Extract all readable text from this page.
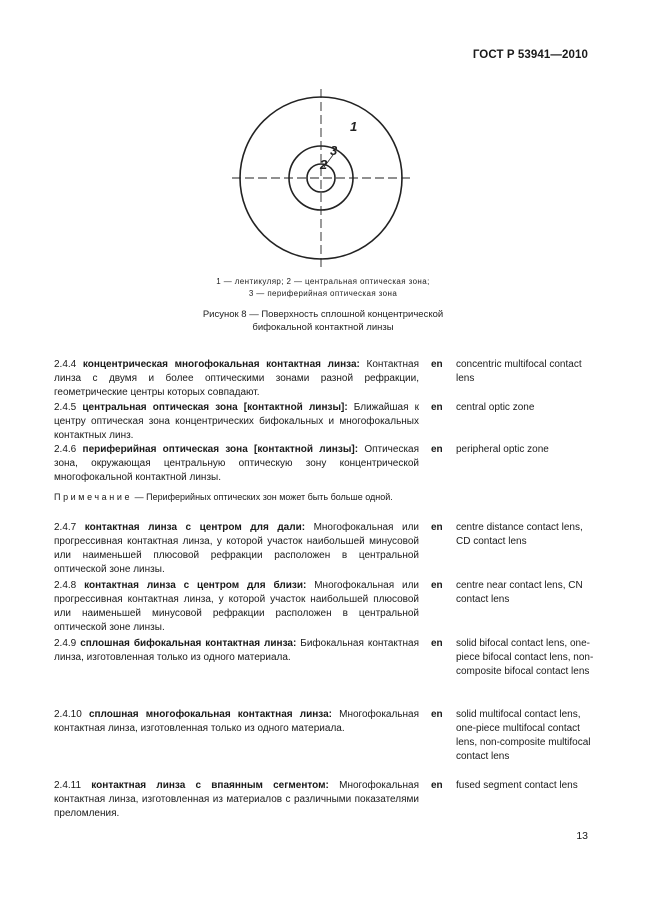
ГОСТ Р 53941—2010
1
2
3
1 — лентикуляр; 2 — центральная оптическая зона;
3 — периферийная оптическая зона
Рисунок 8 — Поверхность сплошной концентрической
бифокальной контактной линзы
2.4.4 концентрическая многофокальная контактная линза: Контактная линза с двумя и более оптическими зонами разной рефракции, геометрические центры которых совпадают.
en concentric multifocal contact lens
2.4.5 центральная оптическая зона [контактной линзы]: Ближайшая к центру оптическая зона концентрических бифокальных и многофокальных контактных линз.
en central optic zone
2.4.6 периферийная оптическая зона [контактной линзы]: Оптическая зона, окружающая центральную оптическую зону концентрической многофокальной контактной линзы.
en peripheral optic zone
Примечание — Периферийных оптических зон может быть больше одной.
2.4.7 контактная линза с центром для дали: Многофокальная или прогрессивная контактная линза, у которой участок наибольшей минусовой или наименьшей плюсовой рефракции расположен в центральной оптической зоне линзы.
en centre distance contact lens, CD contact lens
2.4.8 контактная линза с центром для близи: Многофокальная или прогрессивная контактная линза, у которой участок наибольшей плюсовой или наименьшей минусовой рефракции расположен в центральной оптической зоне линзы.
en centre near contact lens, CN contact lens
2.4.9 сплошная бифокальная контактная линза: Бифокальная контактная линза, изготовленная только из одного материала.
en solid bifocal contact lens, one-piece bifocal contact lens, non-composite bifocal contact lens
2.4.10 сплошная многофокальная контактная линза: Многофокальная контактная линза, изготовленная только из одного материала.
en solid multifocal contact lens, one-piece multifocal contact lens, non-composite multifocal contact lens
2.4.11 контактная линза с впаянным сегментом: Многофокальная контактная линза, изготовленная из материалов с различными показателями преломления.
en fused segment contact lens
13
